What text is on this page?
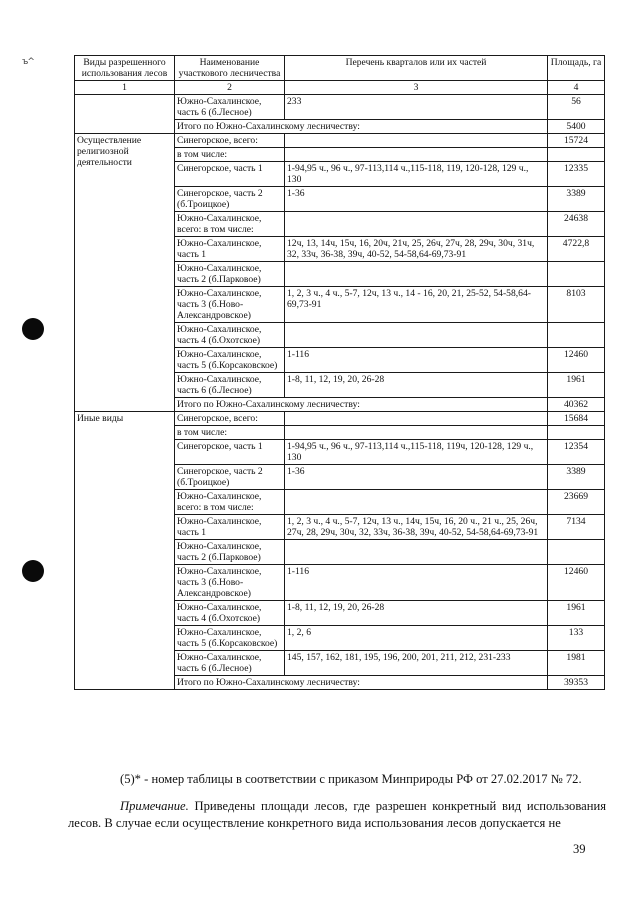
ъ^	Виды разрешенного использования лесов	Наименование участкового лесничества	Перечень кварталов или их частей	Площадь, га
1	2	3	4
	Южно-Сахалинское, часть 6 (б.Лесное)	233	56
	Итого по Южно-Сахалинскому лесничеству:		5400
Осуществление религиозной деятельности	Синегорское, всего:		15724
	в том числе:		
	Синегорское, часть 1	1-94,95 ч., 96 ч., 97-113,114 ч.,115-118, 119, 120-128, 129 ч., 130	12335
	Синегорское, часть 2 (б.Троицкое)	1-36	3389
	Южно-Сахалинское, всего: в том числе:		24638
	Южно-Сахалинское, часть 1	12ч, 13, 14ч, 15ч, 16, 20ч, 21ч, 25, 26ч, 27ч, 28, 29ч, 30ч, 31ч, 32, 33ч, 36-38, 39ч, 40-52, 54-58,64-69,73-91	4722,8
	Южно-Сахалинское, часть 2 (б.Парковое)		
	Южно-Сахалинское, часть 3 (б.Ново-Александровское)	1, 2, 3 ч., 4 ч., 5-7, 12ч, 13 ч., 14 - 16, 20, 21, 25-52, 54-58,64-69,73-91	8103
	Южно-Сахалинское, часть 4 (б.Охотское)		
	Южно-Сахалинское, часть 5 (б.Корсаковское)	1-116	12460
	Южно-Сахалинское, часть 6 (б.Лесное)	1-8, 11, 12, 19, 20, 26-28	1961
	Итого по Южно-Сахалинскому лесничеству:		40362
Иные виды	Синегорское, всего:		15684
	в том числе:		
	Синегорское, часть 1	1-94,95 ч., 96 ч., 97-113,114 ч.,115-118, 119ч, 120-128, 129 ч., 130	12354
	Синегорское, часть 2 (б.Троицкое)	1-36	3389
	Южно-Сахалинское, всего: в том числе:		23669
	Южно-Сахалинское, часть 1	1, 2, 3 ч., 4 ч., 5-7, 12ч, 13 ч., 14ч, 15ч, 16, 20 ч., 21 ч., 25, 26ч, 27ч, 28, 29ч, 30ч, 32, 33ч, 36-38, 39ч, 40-52, 54-58,64-69,73-91	7134
	Южно-Сахалинское, часть 2 (б.Парковое)		
	Южно-Сахалинское, часть 3 (б.Ново-Александровское)	1-116	12460
	Южно-Сахалинское, часть 4 (б.Охотское)	1-8, 11, 12, 19, 20, 26-28	1961
	Южно-Сахалинское, часть 5 (б.Корсаковское)	1, 2, 6	133
	Южно-Сахалинское, часть 6 (б.Лесное)	145, 157, 162, 181, 195, 196, 200, 201, 211, 212, 231-233	1981
	Итого по Южно-Сахалинскому лесничеству:		39353
(5)* - номер таблицы в соответствии с приказом Минприроды РФ от 27.02.2017 № 72.
Примечание. Приведены площади лесов, где разрешен конкретный вид использования лесов. В случае если осуществление конкретного вида использования лесов допускается не
39
